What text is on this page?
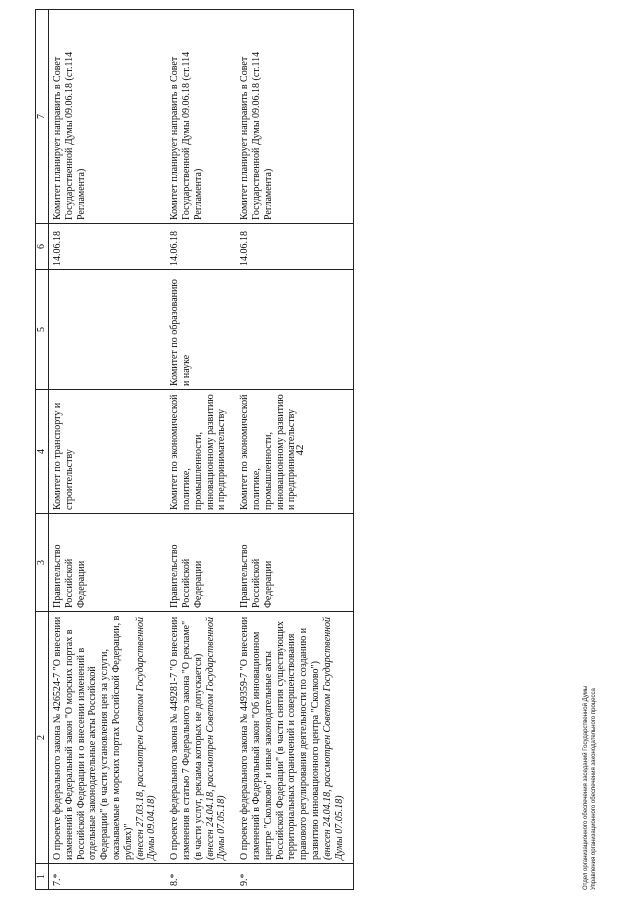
42
1	2	3	4	5	6	7
7.*	О проекте федерального закона № 426524-7 "О внесении изменений в Федеральный закон "О морских портах в Российской Федерации и о внесении изменений в отдельные законодательные акты Российской Федерации" (в части установления цен за услуги, оказываемые в морских портах Российской Федерации, в рублях)" (внесен 27.03.18, рассмотрен Советом Государственной Думы 09.04.18)	Правительство Российской Федерации	Комитет по транспорту и строительству		14.06.18	Комитет планирует направить в Совет Государственной Думы 09.06.18 (ст.114 Регламента)
8.*	О проекте федерального закона № 449281-7 "О внесении изменения в статью 7 Федерального закона "О рекламе" (в части услуг, реклама которых не допускается) (внесен 24.04.18, рассмотрен Советом Государственной Думы 07.05.18)	Правительство Российской Федерации	Комитет по экономической политике, промышленности, инновационному развитию и предпринимательству	Комитет по образованию и науке	14.06.18	Комитет планирует направить в Совет Государственной Думы 09.06.18 (ст.114 Регламента)
9.*	О проекте федерального закона № 449359-7 "О внесении изменений в Федеральный закон "Об инновационном центре "Сколково" и иные законодательные акты Российской Федерации" (в части снятия существующих территориальных ограничений и совершенствования правового регулирования деятельности по созданию и развитию инновационного центра "Сколково") (внесен 24.04.18, рассмотрен Советом Государственной Думы 07.05.18)	Правительство Российской Федерации	Комитет по экономической политике, промышленности, инновационному развитию и предпринимательству		14.06.18	Комитет планирует направить в Совет Государственной Думы 09.06.18 (ст.114 Регламента)
Отдел организационного обеспечения заседаний Государственной Думы Управления организационного обеспечения законодательного процесса
